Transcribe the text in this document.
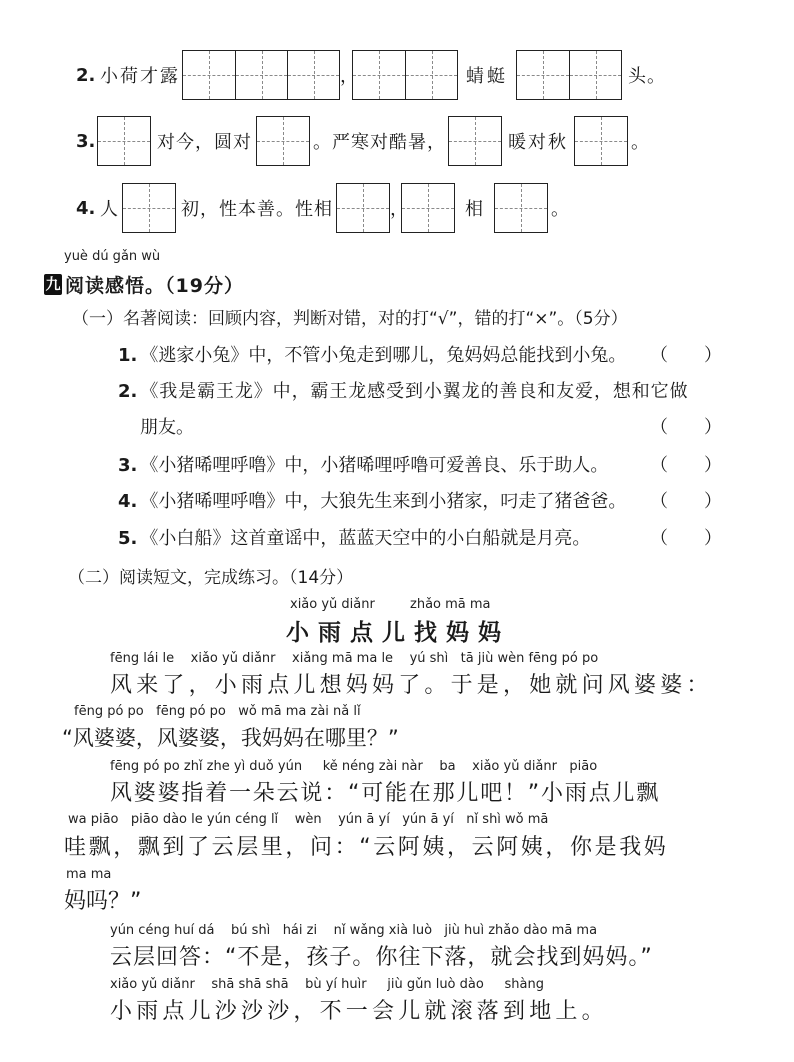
2. 小荷才露	，	蜻蜓	头。
3.	对今，圆对	。严寒对酷暑，	暖对秋	。
4. 人	初，性本善。性相	，	相	。
yuè dú gǎn wù
九 阅读感悟。（19分）
（一）名著阅读：回顾内容，判断对错，对的打“√”，错的打“×”。（5分）
1. 《逃家小兔》中，不管小兔走到哪儿，兔妈妈总能找到小兔。 （　　）
2. 《我是霸王龙》中，霸王龙感受到小翼龙的善良和友爱，想和它做
朋友。	（　　）
3. 《小猪唏哩呼噜》中，小猪唏哩呼噜可爱善良、乐于助人。 （　　）
4. 《小猪唏哩呼噜》中，大狼先生来到小猪家，叼走了猪爸爸。 （　　）
5. 《小白船》这首童谣中，蓝蓝天空中的小白船就是月亮。	（　　）
（二）阅读短文，完成练习。（14分）
xiǎo yǔ diǎnr	zhǎo mā ma
小雨点儿找妈妈
fēng lái le    xiǎo yǔ diǎnr    xiǎng mā ma le    yú shì   tā jiù wèn fēng pó po
风来了，小雨点儿想妈妈了。于是，她就问风婆婆：
fēng pó po   fēng pó po   wǒ mā ma zài nǎ lǐ
“风婆婆，风婆婆，我妈妈在哪里？”
fēng pó po zhǐ zhe yì duǒ yún     kě néng zài nàr    ba    xiǎo yǔ diǎnr   piāo
风婆婆指着一朵云说：“可能在那儿吧！”小雨点儿飘
wa piāo   piāo dào le yún céng lǐ    wèn    yún ā yí   yún ā yí   nǐ shì wǒ mā
哇飘，飘到了云层里，问：“云阿姨，云阿姨，你是我妈
ma ma
妈吗？”
yún céng huí dá    bú shì   hái zi    nǐ wǎng xià luò   jiù huì zhǎo dào mā ma
云层回答：“不是，孩子。你往下落，就会找到妈妈。”
xiǎo yǔ diǎnr    shā shā shā    bù yí huìr     jiù gǔn luò dào     shàng
小雨点儿沙沙沙，不一会儿就滚落到地上。
